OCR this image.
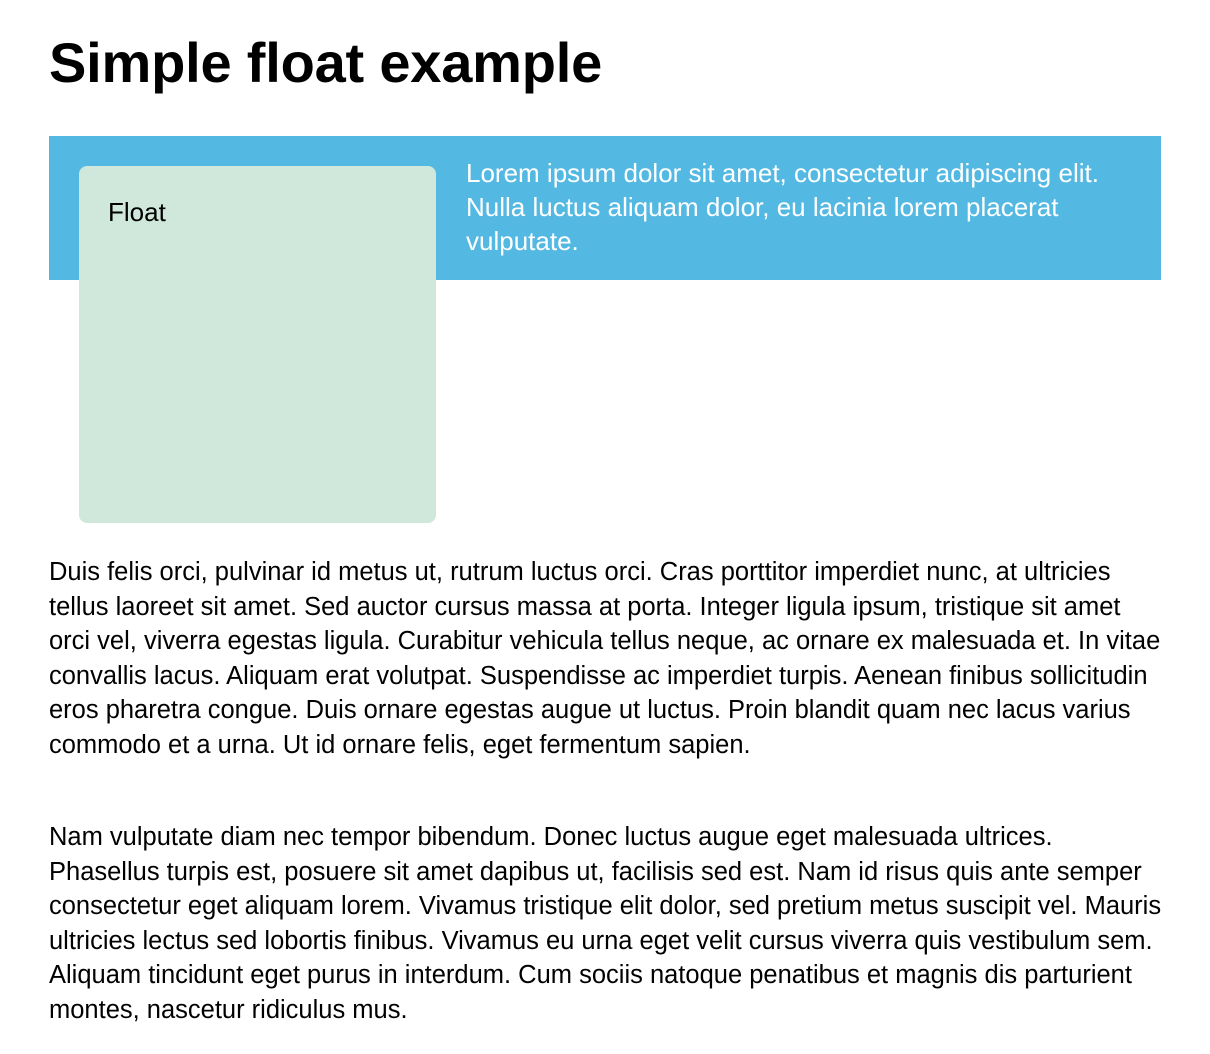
Simple float example
Float

Lorem ipsum dolor sit amet, consectetur adipiscing elit. Nulla luctus aliquam dolor, eu lacinia lorem placerat vulputate.

Duis felis orci, pulvinar id metus ut, rutrum luctus orci. Cras porttitor imperdiet nunc, at ultricies tellus laoreet sit amet. Sed auctor cursus massa at porta. Integer ligula ipsum, tristique sit amet orci vel, viverra egestas ligula. Curabitur vehicula tellus neque, ac ornare ex malesuada et. In vitae convallis lacus. Aliquam erat volutpat. Suspendisse ac imperdiet turpis. Aenean finibus sollicitudin eros pharetra congue. Duis ornare egestas augue ut luctus. Proin blandit quam nec lacus varius commodo et a urna. Ut id ornare felis, eget fermentum sapien.

Nam vulputate diam nec tempor bibendum. Donec luctus augue eget malesuada ultrices. Phasellus turpis est, posuere sit amet dapibus ut, facilisis sed est. Nam id risus quis ante semper consectetur eget aliquam lorem. Vivamus tristique elit dolor, sed pretium metus suscipit vel. Mauris ultricies lectus sed lobortis finibus. Vivamus eu urna eget velit cursus viverra quis vestibulum sem. Aliquam tincidunt eget purus in interdum. Cum sociis natoque penatibus et magnis dis parturient montes, nascetur ridiculus mus.
